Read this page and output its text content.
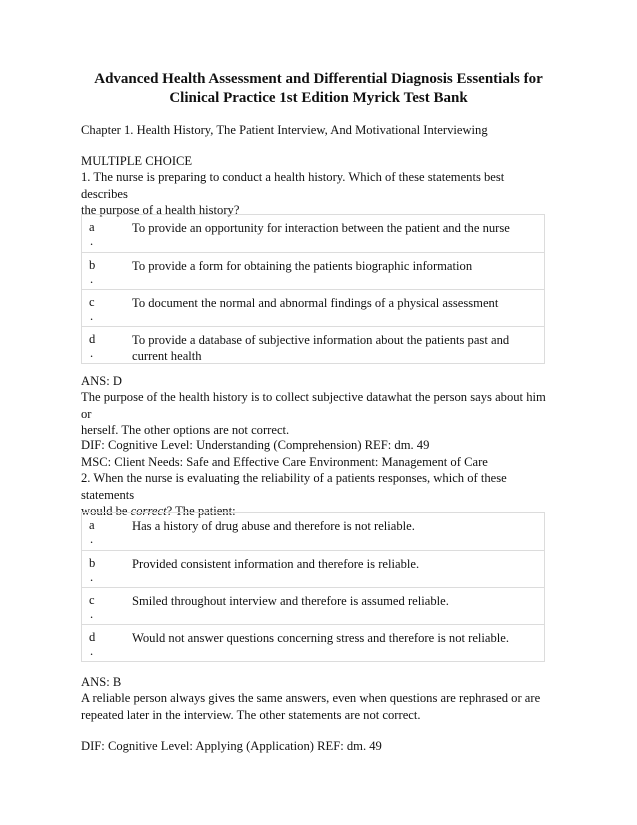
Advanced Health Assessment and Differential Diagnosis Essentials for
Clinical Practice 1st Edition Myrick Test Bank
Chapter 1. Health History, The Patient Interview, And Motivational Interviewing
MULTIPLE CHOICE
1. The nurse is preparing to conduct a health history. Which of these statements best describes
the purpose of a health history?
a
.
To provide an opportunity for interaction between the patient and the nurse
b
.
To provide a form for obtaining the patients biographic information
c
.
To document the normal and abnormal findings of a physical assessment
d
.
To provide a database of subjective information about the patients past and current health
ANS: D
The purpose of the health history is to collect subjective datawhat the person says about him or
herself. The other options are not correct.
DIF: Cognitive Level: Understanding (Comprehension) REF: dm. 49
MSC: Client Needs: Safe and Effective Care Environment: Management of Care
2. When the nurse is evaluating the reliability of a patients responses, which of these statements
would be correct? The patient:
a
.
Has a history of drug abuse and therefore is not reliable.
b
.
Provided consistent information and therefore is reliable.
c
.
Smiled throughout interview and therefore is assumed reliable.
d
.
Would not answer questions concerning stress and therefore is not reliable.
ANS: B
A reliable person always gives the same answers, even when questions are rephrased or are
repeated later in the interview. The other statements are not correct.
DIF: Cognitive Level: Applying (Application) REF: dm. 49
